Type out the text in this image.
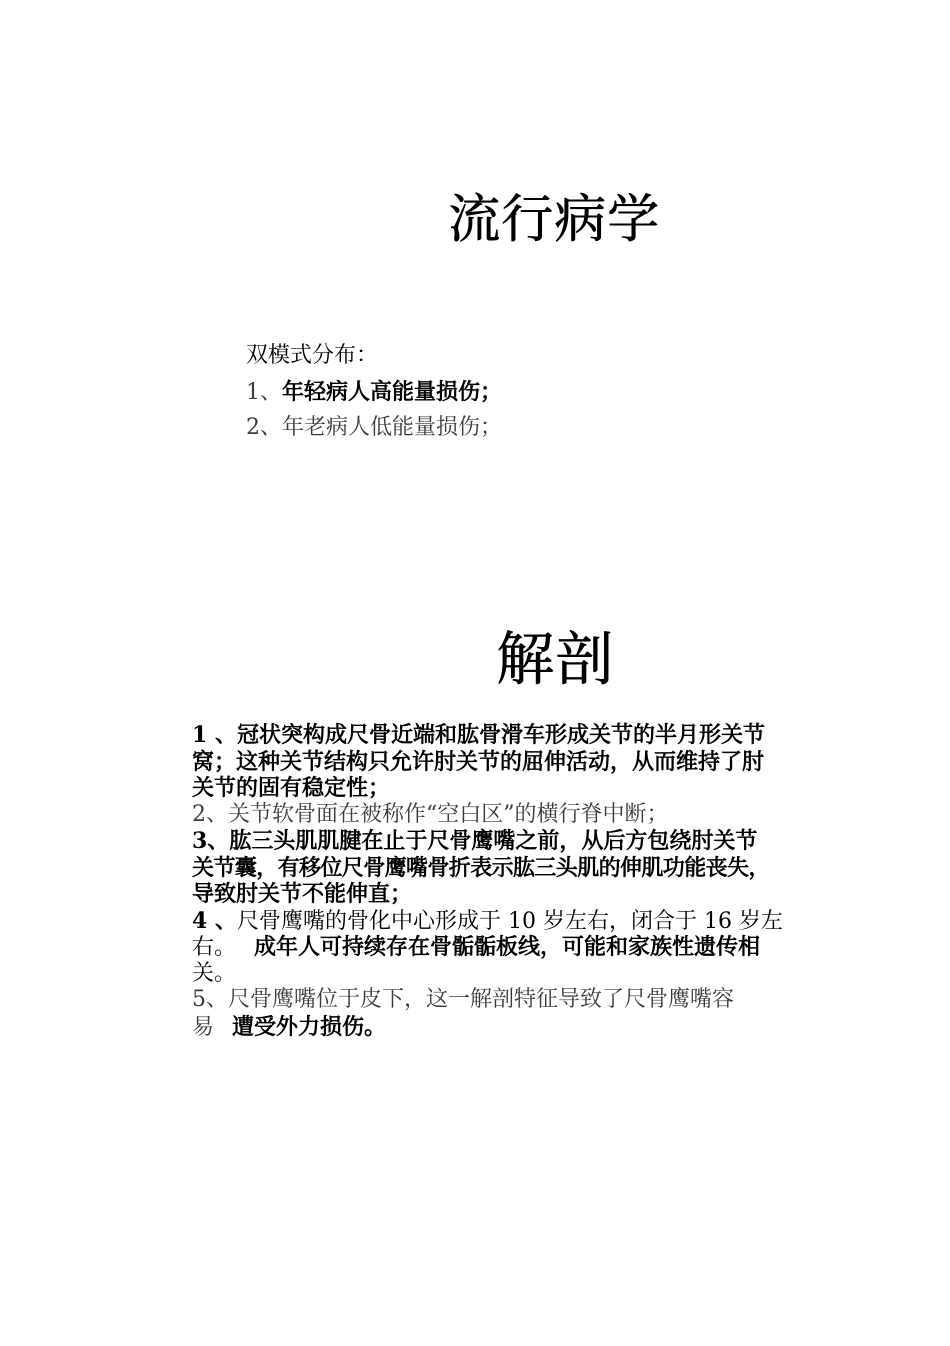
流行病学
双模式分布：
1、年轻病人高能量损伤；
2、年老病人低能量损伤；
解剖
1 、冠状突构成尺骨近端和肱骨滑车形成关节的半月形关节
窝；这种关节结构只允许肘关节的屈伸活动，从而维持了肘
关节的固有稳定性；
2、关节软骨面在被称作“空白区”的横行脊中断；
3、肱三头肌肌腱在止于尺骨鹰嘴之前，从后方包绕肘关节
关节囊，有移位尺骨鹰嘴骨折表示肱三头肌的伸肌功能丧失，
导致肘关节不能伸直；
4 、尺骨鹰嘴的骨化中心形成于 10 岁左右，闭合于 16 岁左
右。 成年人可持续存在骨骺骺板线，可能和家族性遗传相
关。
5、尺骨鹰嘴位于皮下，这一解剖特征导致了尺骨鹰嘴容
易 遭受外力损伤。
